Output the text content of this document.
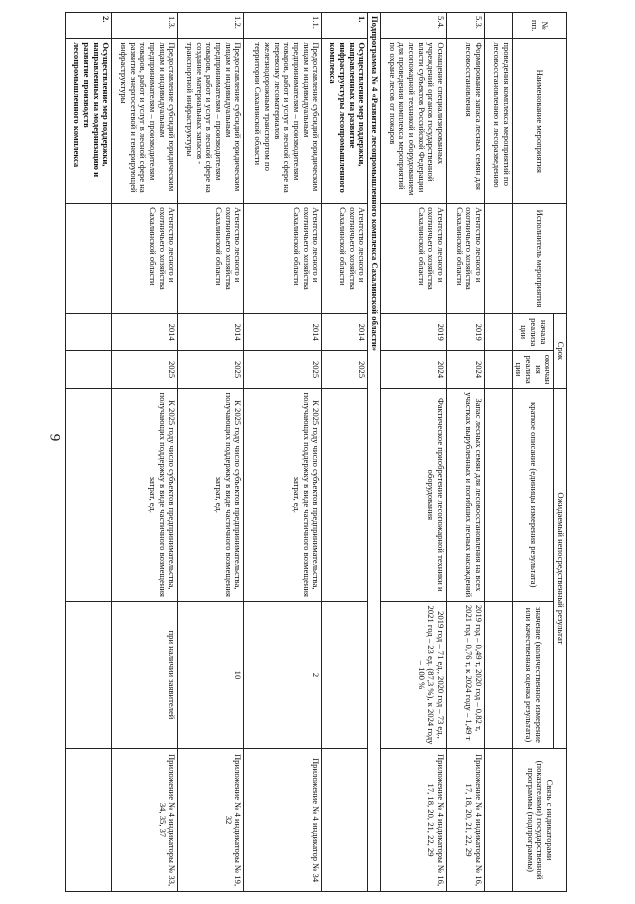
9
№ пп.	Наименование мероприятия	Исполнитель мероприятия	Срок		Ожидаемый непосредственный результат		Связь с индикаторами (показателями) государственной программы (подпрограммы)
			начала реализации	окончания реализации	краткое описание (единицы измерения результата)	значение (количественное измерение или качественная оценка результата)	
	проведения комплекса мероприятий по лесовосстановлению и лесоразведению						
5.3.	Формирование запаса лесных семян для лесовосстановления	Агентство лесного и охотничьего хозяйства Сахалинской области	2019	2024	Запас лесных семян для лесовосстановления на всех участках вырубленных и погибших лесных насаждений	2019 год – 0,49 т, 2020 год – 0,82 т, 2021 год – 0,76 т, к 2024 году – 1,49 т	Приложение № 4 индикаторы № 16, 17, 18, 20, 21, 22, 29
5.4.	Оснащение специализированных учреждений органов государственной власти субъектов Российской Федерации лесопожарной техникой и оборудованием для проведения комплекса мероприятий по охране лесов от пожаров	Агентство лесного и охотничьего хозяйства Сахалинской области	2019	2024	Фактическое приобретение лесопожарной техники и оборудования	2019 год – 71 ед., 2020 год – 73 ед., 2021 год – 23 ед. (87,3 %), к 2024 году – 100 %	Приложение № 4 индикаторы № 16, 17, 18, 20, 21, 22, 29
Подпрограмма № 4 «Развитие лесопромышленного комплекса Сахалинской области»							
1.	Осуществление мер поддержки, направленных на развитие инфраструктуры лесопромышленного комплекса	Агентство лесного и охотничьего хозяйства Сахалинской области	2014	2025			
1.1.	Предоставление субсидий юридическим лицам и индивидуальным предпринимателям – производителям товаров, работ и услуг в лесной сфере на перевозку лесоматериалов железнодорожным транспортом по территории Сахалинской области	Агентство лесного и охотничьего хозяйства Сахалинской области	2014	2025	К 2025 году число субъектов предпринимательства, получающих поддержку в виде частичного возмещения затрат, ед.	2	Приложение № 4 индикатор № 34
1.2.	Предоставление субсидий юридическим лицам и индивидуальным предпринимателям – производителям товаров, работ и услуг в лесной сфере на создание материальных запасов - транспортной инфраструктуры	Агентство лесного и охотничьего хозяйства Сахалинской области	2014	2025	К 2025 году число субъектов предпринимательства, получающих поддержку в виде частичного возмещения затрат, ед.	10	Приложение № 4 индикаторы № 19, 32
1.3.	Предоставление субсидий юридическим лицам и индивидуальным предпринимателям – производителям товаров, работ и услуг в лесной сфере на развитие энергосетевой и генерирующей инфраструктуры	Агентство лесного и охотничьего хозяйства Сахалинской области	2014	2025	К 2025 году число субъектов предпринимательства, получающих поддержку в виде частичного возмещения затрат, ед.	при наличии заявителей	Приложение № 4 индикаторы № 33, 34, 35, 37
2.	Осуществление мер поддержки, направленных на модернизацию и развитие производств лесопромышленного комплекса						
